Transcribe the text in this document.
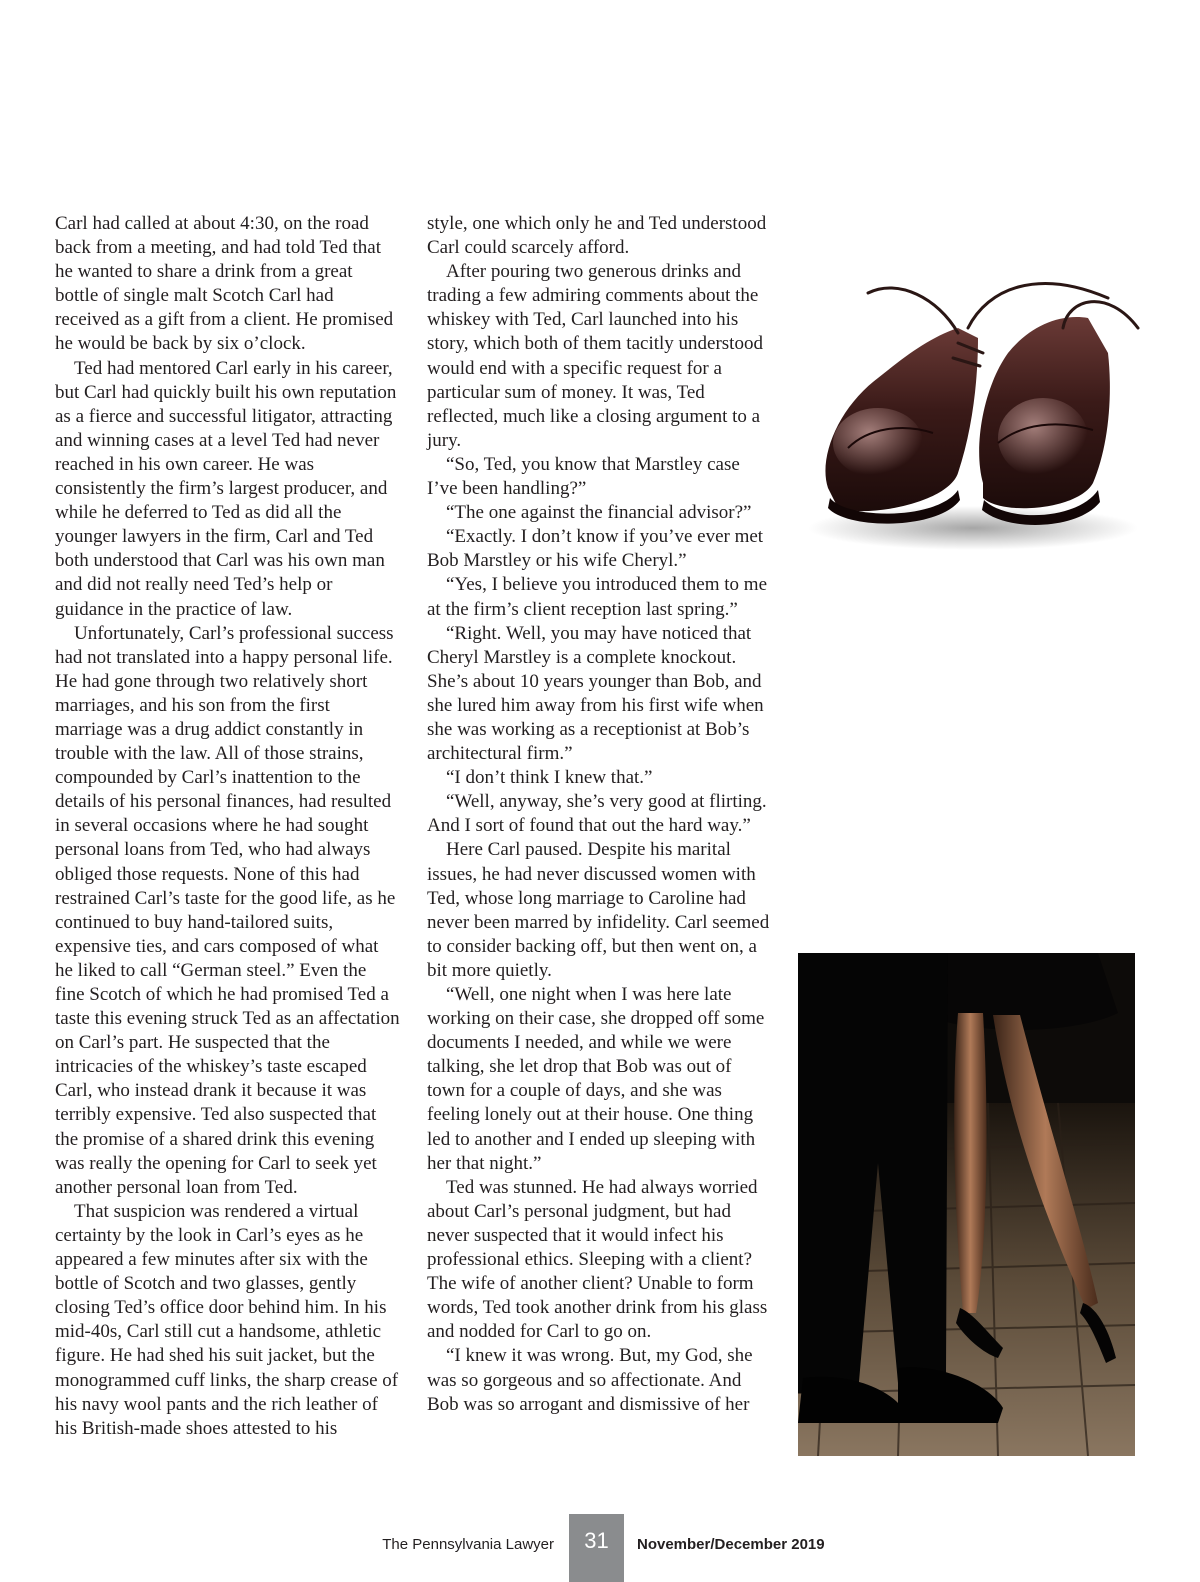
Carl had called at about 4:30, on the road back from a meeting, and had told Ted that he wanted to share a drink from a great bottle of single malt Scotch Carl had received as a gift from a client. He promised he would be back by six o’clock.

Ted had mentored Carl early in his career, but Carl had quickly built his own reputation as a fierce and successful litigator, attracting and winning cases at a level Ted had never reached in his own career. He was consistently the firm’s largest producer, and while he deferred to Ted as did all the younger lawyers in the firm, Carl and Ted both understood that Carl was his own man and did not really need Ted’s help or guidance in the practice of law.

Unfortunately, Carl’s professional success had not translated into a happy personal life. He had gone through two relatively short marriages, and his son from the first marriage was a drug addict constantly in trouble with the law. All of those strains, compounded by Carl’s inattention to the details of his personal finances, had resulted in several occasions where he had sought personal loans from Ted, who had always obliged those requests. None of this had restrained Carl’s taste for the good life, as he continued to buy hand-tailored suits, expensive ties, and cars composed of what he liked to call “German steel.” Even the fine Scotch of which he had promised Ted a taste this evening struck Ted as an affectation on Carl’s part. He suspected that the intricacies of the whiskey’s taste escaped Carl, who instead drank it because it was terribly expensive. Ted also suspected that the promise of a shared drink this evening was really the opening for Carl to seek yet another personal loan from Ted.

That suspicion was rendered a virtual certainty by the look in Carl’s eyes as he appeared a few minutes after six with the bottle of Scotch and two glasses, gently closing Ted’s office door behind him. In his mid-40s, Carl still cut a handsome, athletic figure. He had shed his suit jacket, but the monogrammed cuff links, the sharp crease of his navy wool pants and the rich leather of his British-made shoes attested to his

style, one which only he and Ted understood Carl could scarcely afford.

After pouring two generous drinks and trading a few admiring comments about the whiskey with Ted, Carl launched into his story, which both of them tacitly understood would end with a specific request for a particular sum of money. It was, Ted reflected, much like a closing argument to a jury.

“So, Ted, you know that Marstley case I’ve been handling?”

“The one against the financial advisor?”

“Exactly. I don’t know if you’ve ever met Bob Marstley or his wife Cheryl.”

“Yes, I believe you introduced them to me at the firm’s client reception last spring.”

“Right. Well, you may have noticed that Cheryl Marstley is a complete knockout. She’s about 10 years younger than Bob, and she lured him away from his first wife when she was working as a receptionist at Bob’s architectural firm.”

“I don’t think I knew that.”

“Well, anyway, she’s very good at flirting. And I sort of found that out the hard way.”

Here Carl paused. Despite his marital issues, he had never discussed women with Ted, whose long marriage to Caroline had never been marred by infidelity. Carl seemed to consider backing off, but then went on, a bit more quietly.

“Well, one night when I was here late working on their case, she dropped off some documents I needed, and while we were talking, she let drop that Bob was out of town for a couple of days, and she was feeling lonely out at their house. One thing led to another and I ended up sleeping with her that night.”

Ted was stunned. He had always worried about Carl’s personal judgment, but had never suspected that it would infect his professional ethics. Sleeping with a client? The wife of another client? Unable to form words, Ted took another drink from his glass and nodded for Carl to go on.

“I knew it was wrong. But, my God, she was so gorgeous and so affectionate. And Bob was so arrogant and dismissive of her

The Pennsylvania Lawyer	31	November/December 2019
